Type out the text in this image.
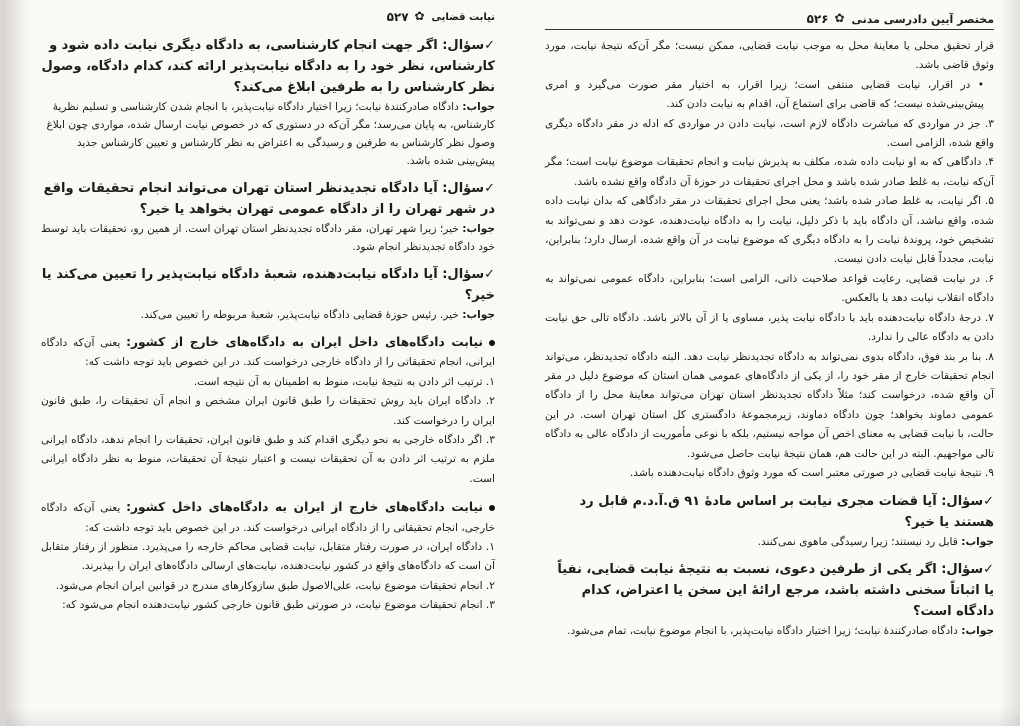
۵۲۷ ✿ نیابت قضایی
✓سؤال: اگر جهت انجام کارشناسی، به دادگاه دیگری نیابت داده شود و کارشناس، نظر خود را به دادگاه نیابت‌پذیر ارائه کند، کدام دادگاه، وصول نظر کارشناس را به طرفین ابلاغ می‌کند؟

جواب: دادگاه صادرکنندهٔ نیابت؛ زیرا اختیار دادگاه نیابت‌پذیر، با انجام شدن کارشناسی و تسلیم نظریهٔ کارشناس، به پایان می‌رسد؛ مگر آن‌که در دستوری که در خصوص نیابت ارسال شده، مواردی چون ابلاغ وصول نظر کارشناس به طرفین و رسیدگی به اعتراض به نظر کارشناس و تعیین کارشناس جدید پیش‌بینی شده باشد.

✓سؤال: آیا دادگاه تجدیدنظر استان تهران می‌تواند انجام تحقیقات واقع در شهر تهران را از دادگاه عمومی تهران بخواهد یا خیر؟

جواب: خیر؛ زیرا شهر تهران، مقر دادگاه تجدیدنظر استان تهران است. از همین رو، تحقیقات باید توسط خود دادگاه تجدیدنظر انجام شود.

✓سؤال: آیا دادگاه نیابت‌دهنده، شعبهٔ دادگاه نیابت‌پذیر را تعیین می‌کند یا خیر؟

جواب: خیر. رئیس حوزهٔ قضایی دادگاه نیابت‌پذیر، شعبهٔ مربوطه را تعیین می‌کند.

نیابت دادگاه‌های داخل ایران به دادگاه‌های خارج از کشور: یعنی آن‌که دادگاه ایرانی، انجام تحقیقاتی را از دادگاه خارجی درخواست کند. در این خصوص باید توجه داشت که:

۱. ترتیب اثر دادن به نتیجهٔ نیابت، منوط به اطمینان به آن نتیجه است.

۲. دادگاه ایران باید روش تحقیقات را طبق قانون ایران مشخص و انجام آن تحقیقات را، طبق قانون ایران را درخواست کند.

۳. اگر دادگاه خارجی به نحو دیگری اقدام کند و طبق قانون ایران، تحقیقات را انجام ندهد، دادگاه ایرانی ملزم به ترتیب اثر دادن به آن تحقیقات نیست و اعتبار نتیجهٔ آن تحقیقات، منوط به نظر دادگاه ایرانی است.

نیابت دادگاه‌های خارج از ایران به دادگاه‌های داخل کشور: یعنی آن‌که دادگاه خارجی، انجام تحقیقاتی را از دادگاه ایرانی درخواست کند. در این خصوص باید توجه داشت که:

۱. دادگاه ایران، در صورت رفتار متقابل، نیابت قضایی محاکم خارجه را می‌پذیرد. منظور از رفتار متقابل آن است که دادگاه‌های واقع در کشور نیابت‌دهنده، نیابت‌های ارسالی دادگاه‌های ایران را بپذیرند.

۲. انجام تحقیقات موضوع نیابت، علی‌الاصول طبق سازوکارهای مندرج در قوانین ایران انجام می‌شود.

۳. انجام تحقیقات موضوع نیابت، در صورتی طبق قانون خارجی کشور نیابت‌دهنده انجام می‌شود که:

۵۲۶ ✿ مختصر آیین دادرسی مدنی

قرار تحقیق محلی یا معاینهٔ محل به موجب نیابت قضایی، ممکن نیست؛ مگر آن‌که نتیجهٔ نیابت، مورد وثوق قاضی باشد.

• در اقرار، نیابت قضایی منتفی است؛ زیرا اقرار، به اختیار مقر صورت می‌گیرد و امری پیش‌بینی‌شده نیست؛ که قاضی برای استماع آن، اقدام به نیابت دادن کند.

۳. جز در مواردی که مباشرت دادگاه لازم است، نیابت دادن در مواردی که ادله در مقر دادگاه دیگری واقع شده، الزامی است.

۴. دادگاهی که به او نیابت داده شده، مکلف به پذیرش نیابت و انجام تحقیقات موضوع نیابت است؛ مگر آن‌که نیابت، به غلط صادر شده باشد و محل اجرای تحقیقات در حوزهٔ آن دادگاه واقع نشده باشد.

۵. اگر نیابت، به غلط صادر شده باشد؛ یعنی محل اجرای تحقیقات در مقر دادگاهی که بدان نیابت داده شده، واقع نباشد، آن دادگاه باید با ذکر دلیل، نیابت را به دادگاه نیابت‌دهنده، عودت دهد و نمی‌تواند به تشخیص خود، پروندهٔ نیابت را به دادگاه دیگری که موضوع نیابت در آن واقع شده، ارسال دارد؛ بنابراین، نیابت، مجدداً قابل نیابت دادن نیست.

۶. در نیابت قضایی، رعایت قواعد صلاحیت ذاتی، الزامی است؛ بنابراین، دادگاه عمومی نمی‌تواند به دادگاه انقلاب نیابت دهد یا بالعکس.

۷. درجهٔ دادگاه نیابت‌دهنده باید با دادگاه نیابت پذیر، مساوی یا از آن بالاتر باشد. دادگاه تالی حق نیابت دادن به دادگاه عالی را ندارد.

۸. بنا بر بند فوق، دادگاه بدوی نمی‌تواند به دادگاه تجدیدنظر نیابت دهد. البته دادگاه تجدیدنظر، می‌تواند انجام تحقیقات خارج از مقر خود را، از یکی از دادگاه‌های عمومی همان استان که موضوع دلیل در مقر آن واقع شده، درخواست کند؛ مثلاً دادگاه تجدیدنظر استان تهران می‌تواند معاینهٔ محل را از دادگاه عمومی دماوند بخواهد؛ چون دادگاه دماوند، زیرمجموعهٔ دادگستری کل استان تهران است. در این حالت، با نیابت قضایی به معنای اخص آن مواجه نیستیم، بلکه با نوعی مأموریت از دادگاه عالی به دادگاه تالی مواجهیم. البته در این حالت هم، همان نتیجهٔ نیابت حاصل می‌شود.

۹. نتیجهٔ نیابت قضایی در صورتی معتبر است که مورد وثوق دادگاه نیابت‌دهنده باشد.

✓سؤال: آیا قضات مجری نیابت بر اساس مادهٔ ۹۱ ق.آ.د.م قابل رد هستند یا خیر؟

جواب: قابل رد نیستند؛ زیرا رسیدگی ماهوی نمی‌کنند.

✓سؤال: اگر یکی از طرفین دعوی، نسبت به نتیجهٔ نیابت قضایی، نفیاً یا اثباتاً سخنی داشته باشد، مرجع ارائهٔ این سخن یا اعتراض، کدام دادگاه است؟

جواب: دادگاه صادرکنندهٔ نیابت؛ زیرا اختیار دادگاه نیابت‌پذیر، با انجام موضوع نیابت، تمام می‌شود.
